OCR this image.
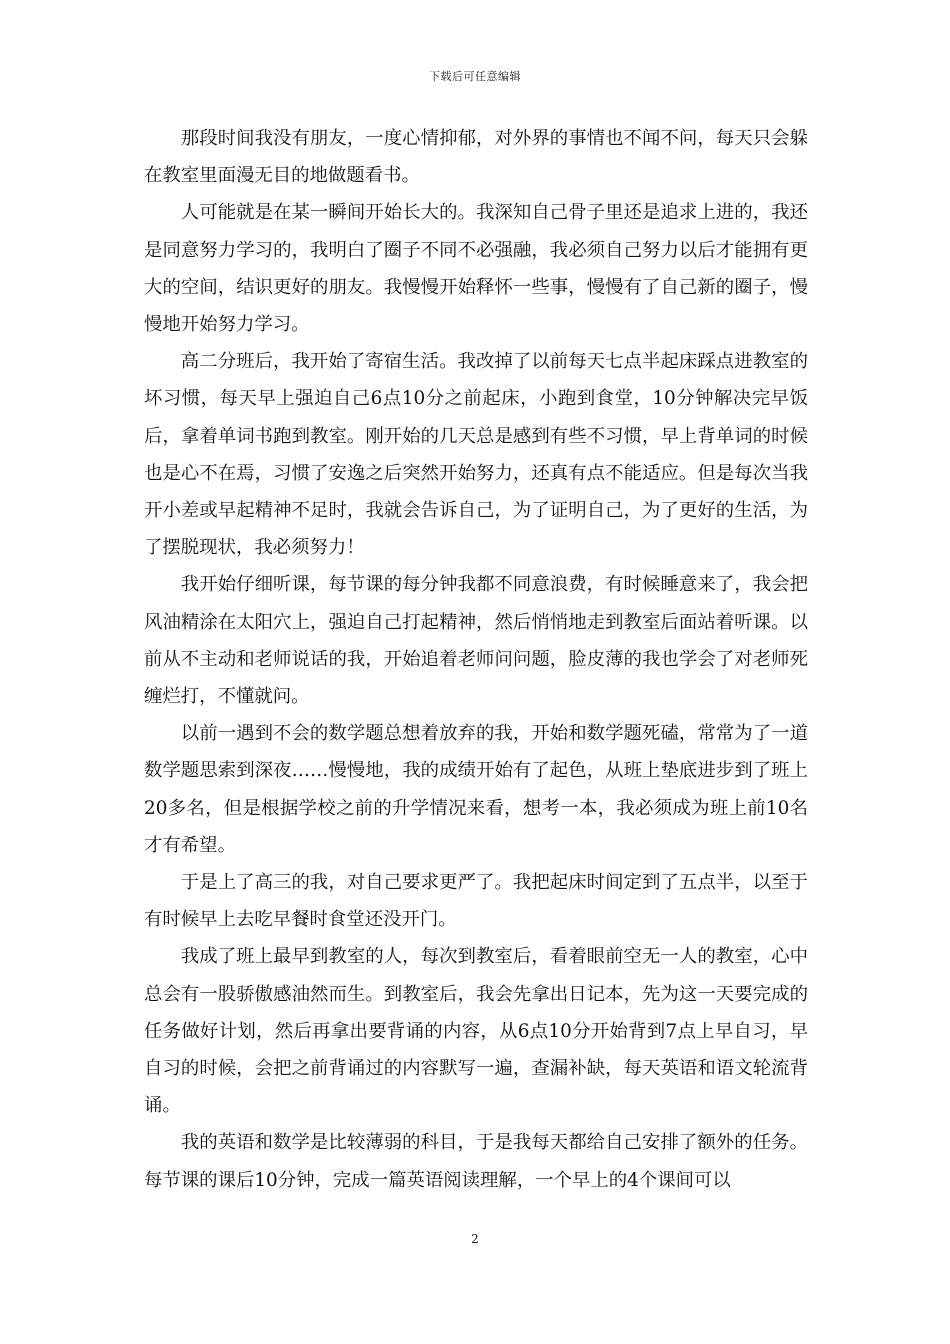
下载后可任意编辑

那段时间我没有朋友，一度心情抑郁，对外界的事情也不闻不问，每天只会躲在教室里面漫无目的地做题看书。

人可能就是在某一瞬间开始长大的。我深知自己骨子里还是追求上进的，我还是同意努力学习的，我明白了圈子不同不必强融，我必须自己努力以后才能拥有更大的空间，结识更好的朋友。我慢慢开始释怀一些事，慢慢有了自己新的圈子，慢慢地开始努力学习。

高二分班后，我开始了寄宿生活。我改掉了以前每天七点半起床踩点进教室的坏习惯，每天早上强迫自己6点10分之前起床，小跑到食堂，10分钟解决完早饭后，拿着单词书跑到教室。刚开始的几天总是感到有些不习惯，早上背单词的时候也是心不在焉，习惯了安逸之后突然开始努力，还真有点不能适应。但是每次当我开小差或早起精神不足时，我就会告诉自己，为了证明自己，为了更好的生活，为了摆脱现状，我必须努力！

我开始仔细听课，每节课的每分钟我都不同意浪费，有时候睡意来了，我会把风油精涂在太阳穴上，强迫自己打起精神，然后悄悄地走到教室后面站着听课。以前从不主动和老师说话的我，开始追着老师问问题，脸皮薄的我也学会了对老师死缠烂打，不懂就问。

以前一遇到不会的数学题总想着放弃的我，开始和数学题死磕，常常为了一道数学题思索到深夜……慢慢地，我的成绩开始有了起色，从班上垫底进步到了班上20多名，但是根据学校之前的升学情况来看，想考一本，我必须成为班上前10名才有希望。

于是上了高三的我，对自己要求更严了。我把起床时间定到了五点半，以至于有时候早上去吃早餐时食堂还没开门。

我成了班上最早到教室的人，每次到教室后，看着眼前空无一人的教室，心中总会有一股骄傲感油然而生。到教室后，我会先拿出日记本，先为这一天要完成的任务做好计划，然后再拿出要背诵的内容，从6点10分开始背到7点上早自习，早自习的时候，会把之前背诵过的内容默写一遍，查漏补缺，每天英语和语文轮流背诵。

我的英语和数学是比较薄弱的科目，于是我每天都给自己安排了额外的任务。每节课的课后10分钟，完成一篇英语阅读理解，一个早上的4个课间可以

2
